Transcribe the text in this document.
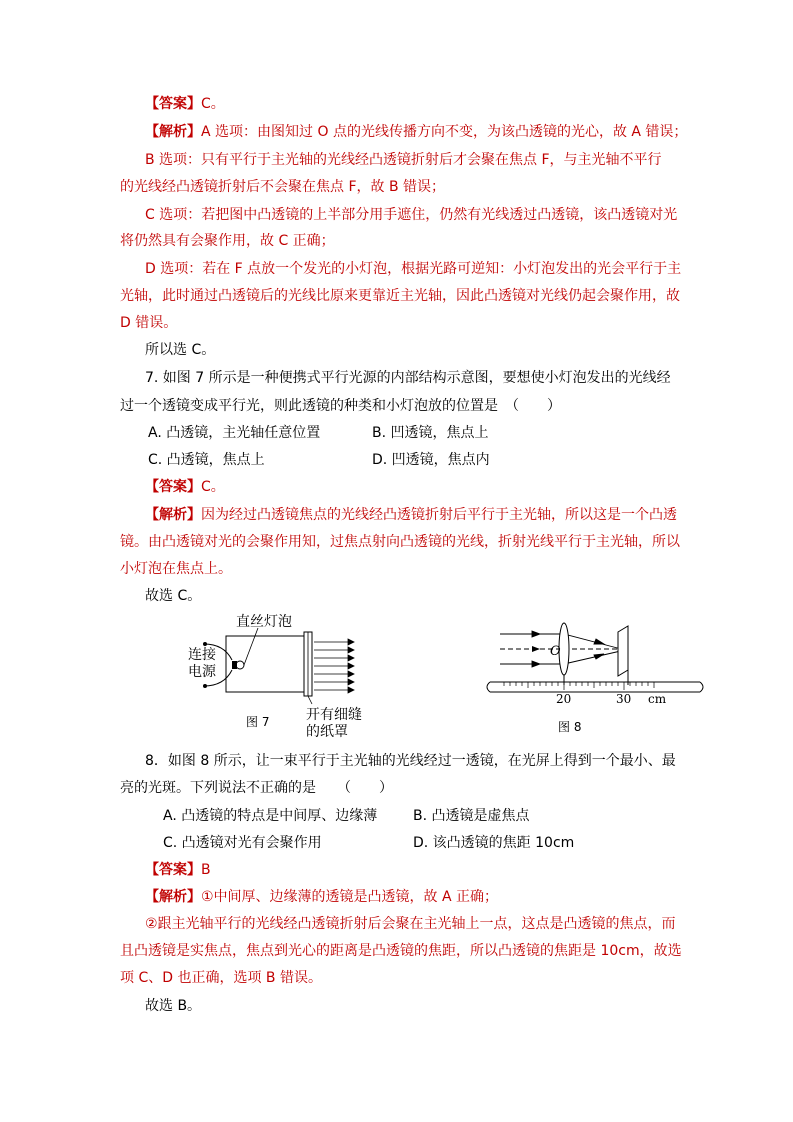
【答案】C。
【解析】A 选项：由图知过 O 点的光线传播方向不变，为该凸透镜的光心，故 A 错误；
B 选项：只有平行于主光轴的光线经凸透镜折射后才会聚在焦点 F，与主光轴不平行
的光线经凸透镜折射后不会聚在焦点 F，故 B 错误；
C 选项：若把图中凸透镜的上半部分用手遮住，仍然有光线透过凸透镜，该凸透镜对光
将仍然具有会聚作用，故 C 正确；
D 选项：若在 F 点放一个发光的小灯泡，根据光路可逆知：小灯泡发出的光会平行于主
光轴，此时通过凸透镜后的光线比原来更靠近主光轴，因此凸透镜对光线仍起会聚作用，故
D 错误。
所以选 C。
7. 如图 7 所示是一种便携式平行光源的内部结构示意图，要想使小灯泡发出的光线经
过一个透镜变成平行光，则此透镜的种类和小灯泡放的位置是　（　　）
A. 凸透镜，主光轴任意位置	B. 凹透镜，焦点上
C. 凸透镜，焦点上	D. 凹透镜，焦点内
【答案】C。
【解析】因为经过凸透镜焦点的光线经凸透镜折射后平行于主光轴，所以这是一个凸透
镜。由凸透镜对光的会聚作用知，过焦点射向凸透镜的光线，折射光线平行于主光轴，所以
小灯泡在焦点上。
故选 C。
直丝灯泡
连接
电源
开有细缝
的纸罩
图 7
O
20	30 cm
图 8
8．如图 8 所示，让一束平行于主光轴的光线经过一透镜，在光屏上得到一个最小、最
亮的光斑。下列说法不正确的是　　（　　）
A. 凸透镜的特点是中间厚、边缘薄	B. 凸透镜是虚焦点
C. 凸透镜对光有会聚作用	D. 该凸透镜的焦距 10cm
【答案】B
【解析】①中间厚、边缘薄的透镜是凸透镜，故 A 正确；
②跟主光轴平行的光线经凸透镜折射后会聚在主光轴上一点，这点是凸透镜的焦点，而
且凸透镜是实焦点，焦点到光心的距离是凸透镜的焦距，所以凸透镜的焦距是 10cm，故选
项 C、D 也正确，选项 B 错误。
故选 B。
